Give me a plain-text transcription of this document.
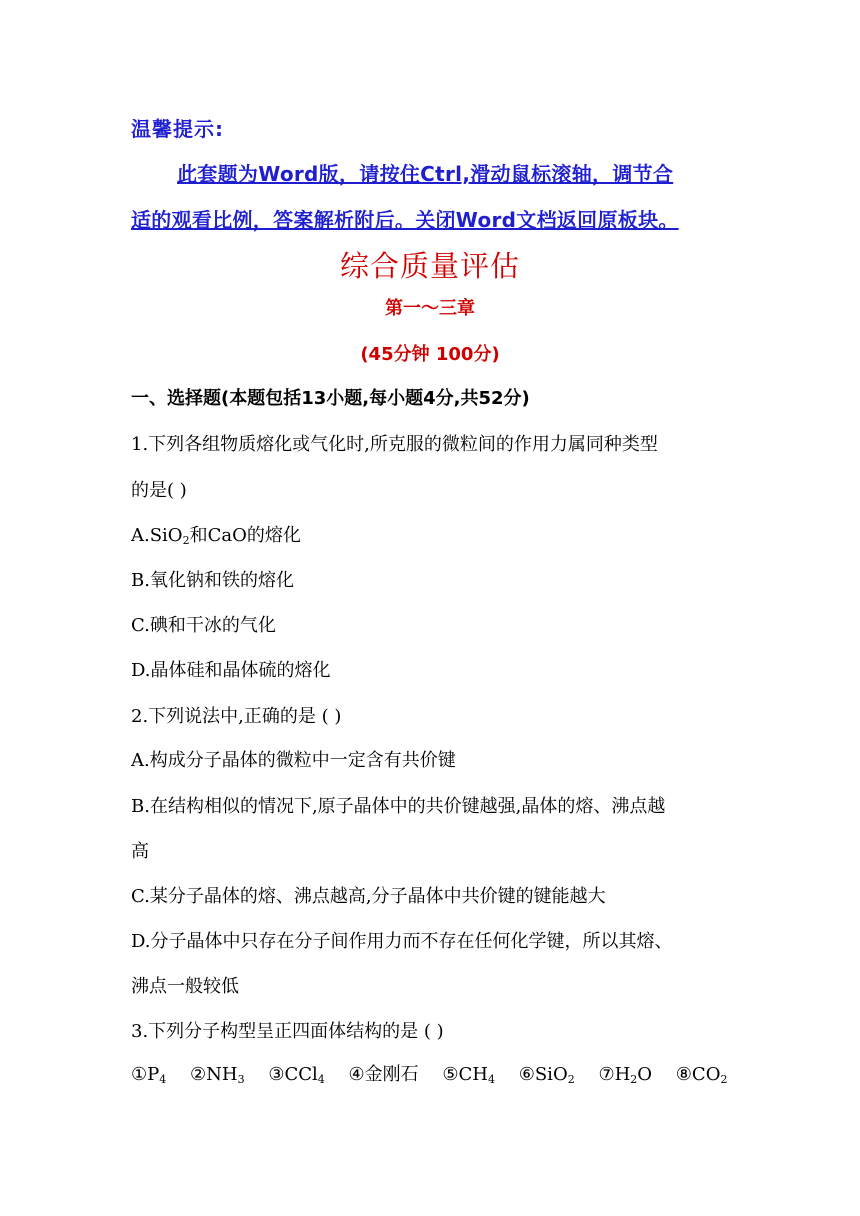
温馨提示:
此套题为Word版，请按住Ctrl,滑动鼠标滚轴，调节合
适的观看比例，答案解析附后。关闭Word文档返回原板块。
综合质量评估
第一～三章
(45分钟 100分)
一、选择题(本题包括13小题,每小题4分,共52分)
1.下列各组物质熔化或气化时,所克服的微粒间的作用力属同种类型
的是( )
A.SiO$_2$和CaO的熔化
B.氧化钠和铁的熔化
C.碘和干冰的气化
D.晶体硅和晶体硫的熔化
2.下列说法中,正确的是 ( )
A.构成分子晶体的微粒中一定含有共价键
B.在结构相似的情况下,原子晶体中的共价键越强,晶体的熔、沸点越
高
C.某分子晶体的熔、沸点越高,分子晶体中共价键的键能越大
D.分子晶体中只存在分子间作用力而不存在任何化学键，所以其熔、
沸点一般较低
3.下列分子构型呈正四面体结构的是 ( )
$①P_4$ $②NH_3$ ③CCl$_4$ ④金刚石 $⑤CH_4$ ⑥SiO$_2$ $⑦H_2O$ $⑧CO_2$
